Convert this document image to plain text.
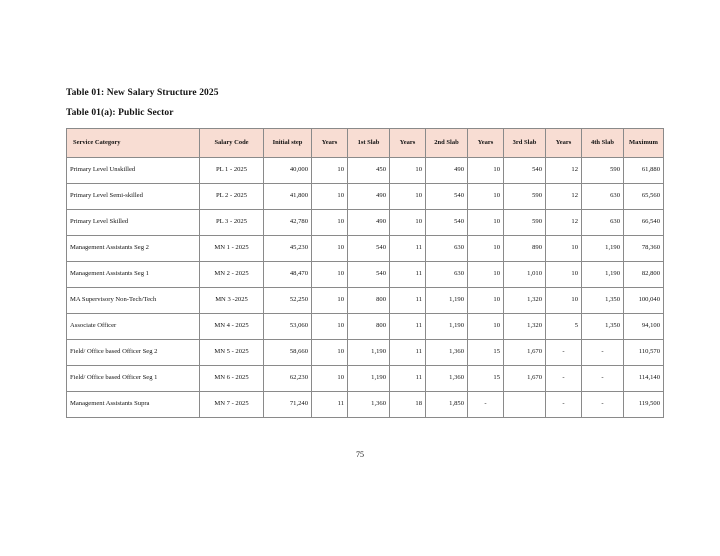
Table 01: New Salary Structure 2025
Table 01(a): Public Sector
Service Category	Salary Code	Initial step	Years	1st Slab	Years	2nd Slab	Years	3rd Slab	Years	4th Slab	Maximum
Primary Level Unskilled	PL 1 - 2025	40,000	10	450	10	490	10	540	12	590	61,880
Primary Level Semi-skilled	PL 2 - 2025	41,800	10	490	10	540	10	590	12	630	65,560
Primary Level Skilled	PL 3 - 2025	42,780	10	490	10	540	10	590	12	630	66,540
Management Assistants Seg 2	MN 1 - 2025	45,230	10	540	11	630	10	890	10	1,190	78,360
Management Assistants Seg 1	MN 2 - 2025	48,470	10	540	11	630	10	1,010	10	1,190	82,800
MA Supervisory Non-Tech/Tech	MN 3 -2025	52,250	10	800	11	1,190	10	1,320	10	1,350	100,040
Associate Officer	MN 4 - 2025	53,060	10	800	11	1,190	10	1,320	5	1,350	94,100
Field/ Office based Officer Seg 2	MN 5 - 2025	58,660	10	1,190	11	1,360	15	1,670	-	-	110,570
Field/ Office based Officer Seg 1	MN 6 - 2025	62,230	10	1,190	11	1,360	15	1,670	-	-	114,140
Management Assistants Supra	MN 7 - 2025	71,240	11	1,360	18	1,850	-		-	-	119,500
75
